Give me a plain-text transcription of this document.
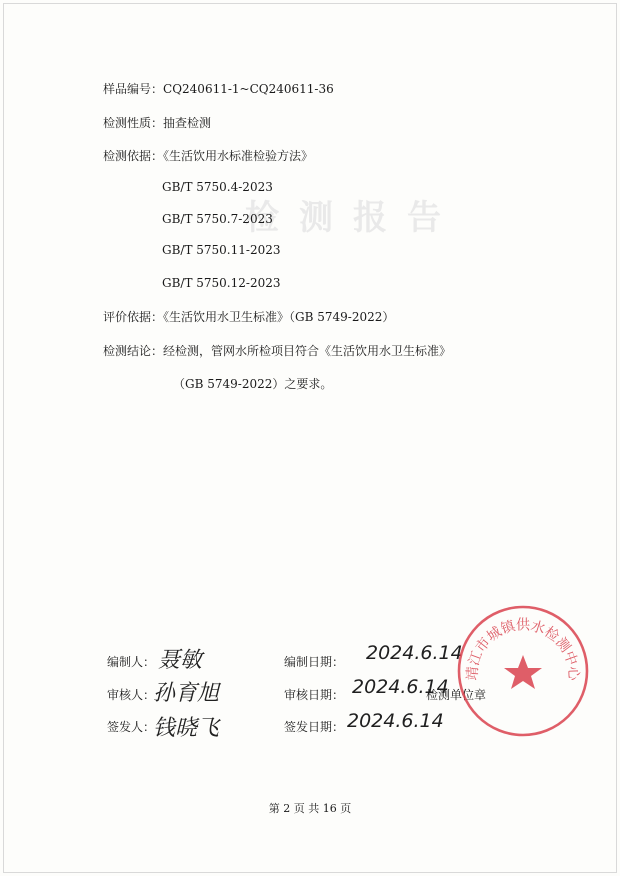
检测报告
样品编号：CQ240611-1~CQ240611-36
检测性质：抽查检测
检测依据：《生活饮用水标准检验方法》
GB/T 5750.4-2023
GB/T 5750.7-2023
GB/T 5750.11-2023
GB/T 5750.12-2023
评价依据：《生活饮用水卫生标准》（GB 5749-2022）
检测结论：经检测，管网水所检项目符合《生活饮用水卫生标准》
（GB 5749-2022）之要求。
编制人：
审核人：
签发人：
聂敏
孙育旭
钱晓飞
编制日期：
审核日期：
签发日期：
2024.6.14
2024.6.14
2024.6.14
检测单位章
靖江市城镇供水检测中心
第 2 页 共 16 页
